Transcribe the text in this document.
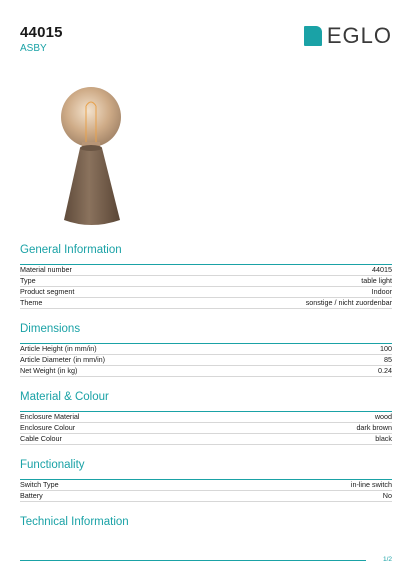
44015
ASBY
EGLO
General Information
Material number	44015
Type	table light
Product segment	Indoor
Theme	sonstige / nicht zuordenbar
Dimensions
Article Height (in mm/in)	100
Article Diameter (in mm/in)	85
Net Weight (in kg)	0.24
Material & Colour
Enclosure Material	wood
Enclosure Colour	dark brown
Cable Colour	black
Functionality
Switch Type	in-line switch
Battery	No
Technical Information
1/2
